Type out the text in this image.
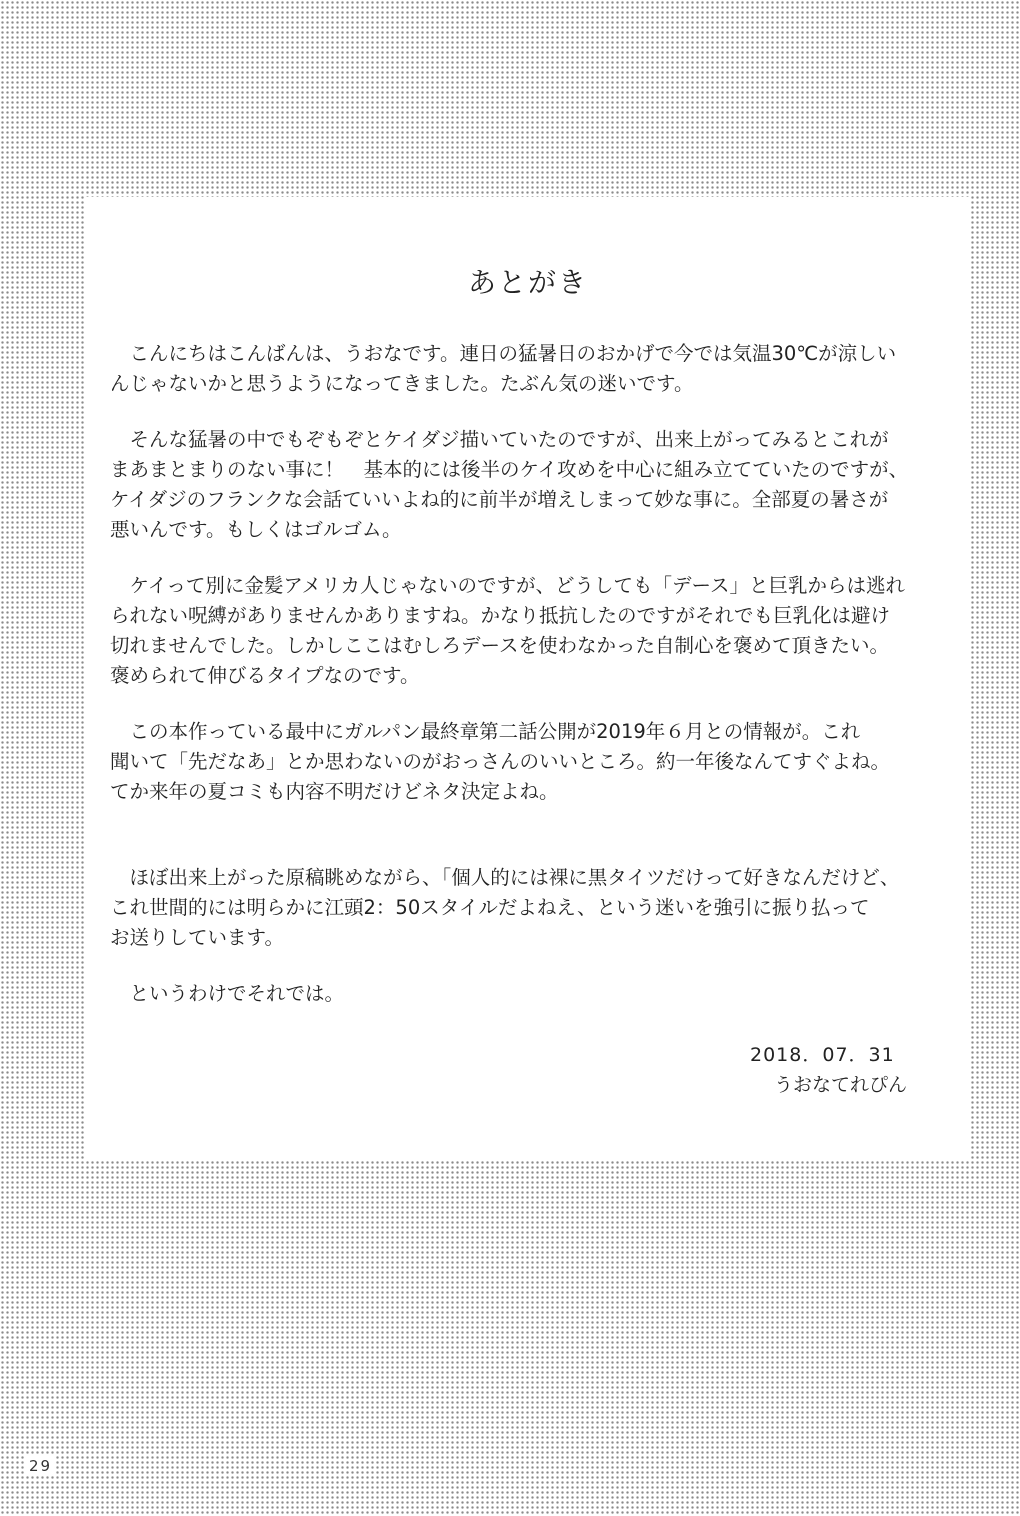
あとがき
　こんにちはこんばんは、うおなです。連日の猛暑日のおかげで今では気温30℃が涼しい
んじゃないかと思うようになってきました。たぶん気の迷いです。
　そんな猛暑の中でもぞもぞとケイダジ描いていたのですが、出来上がってみるとこれが
まあまとまりのない事に！　基本的には後半のケイ攻めを中心に組み立てていたのですが、
ケイダジのフランクな会話ていいよね的に前半が増えしまって妙な事に。全部夏の暑さが
悪いんです。もしくはゴルゴム。
　ケイって別に金髪アメリカ人じゃないのですが、どうしても「デース」と巨乳からは逃れ
られない呪縛がありませんかありますね。かなり抵抗したのですがそれでも巨乳化は避け
切れませんでした。しかしここはむしろデースを使わなかった自制心を褒めて頂きたい。
褒められて伸びるタイプなのです。
　この本作っている最中にガルパン最終章第二話公開が2019年６月との情報が。これ
聞いて「先だなあ」とか思わないのがおっさんのいいところ。約一年後なんてすぐよね。
てか来年の夏コミも内容不明だけどネタ決定よね。
　ほぼ出来上がった原稿眺めながら、「個人的には裸に黒タイツだけって好きなんだけど、
これ世間的には明らかに江頭2：50スタイルだよねえ、という迷いを強引に振り払って
お送りしています。
　というわけでそれでは。
2018．07．31
うおなてれぴん
29
